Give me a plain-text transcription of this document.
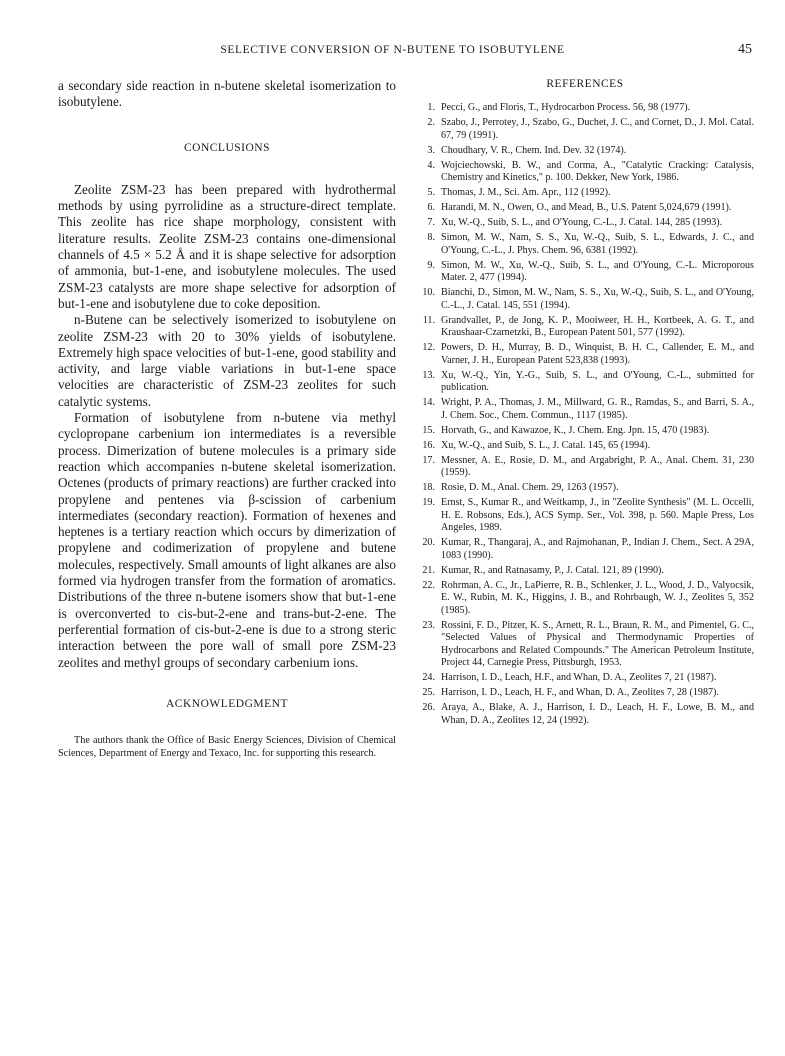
SELECTIVE CONVERSION OF N-BUTENE TO ISOBUTYLENE	45

a secondary side reaction in n-butene skeletal isomerization to isobutylene.

CONCLUSIONS

Zeolite ZSM-23 has been prepared with hydrothermal methods by using pyrrolidine as a structure-direct template. This zeolite has rice shape morphology, consistent with literature results. Zeolite ZSM-23 contains one-dimensional channels of 4.5 × 5.2 Å and it is shape selective for adsorption of ammonia, but-1-ene, and isobutylene molecules. The used ZSM-23 catalysts are more shape selective for adsorption of but-1-ene and isobutylene due to coke deposition.

n-Butene can be selectively isomerized to isobutylene on zeolite ZSM-23 with 20 to 30% yields of isobutylene. Extremely high space velocities of but-1-ene, good stability and activity, and large viable variations in but-1-ene space velocities are characteristic of ZSM-23 zeolites for such catalytic systems.

Formation of isobutylene from n-butene via methyl cyclopropane carbenium ion intermediates is a reversible process. Dimerization of butene molecules is a primary side reaction which accompanies n-butene skeletal isomerization. Octenes (products of primary reactions) are further cracked into propylene and pentenes via β-scission of carbenium intermediates (secondary reaction). Formation of hexenes and heptenes is a tertiary reaction which occurs by dimerization of propylene and codimerization of propylene and butene molecules, respectively. Small amounts of light alkanes are also formed via hydrogen transfer from the formation of aromatics. Distributions of the three n-butene isomers show that but-1-ene is overconverted to cis-but-2-ene and trans-but-2-ene. The perferential formation of cis-but-2-ene is due to a strong steric interaction between the pore wall of small pore ZSM-23 zeolites and methyl groups of secondary carbenium ions.

ACKNOWLEDGMENT

The authors thank the Office of Basic Energy Sciences, Division of Chemical Sciences, Department of Energy and Texaco, Inc. for supporting this research.

REFERENCES
1. Pecci, G., and Floris, T., Hydrocarbon Process. 56, 98 (1977).
2. Szabo, J., Perrotey, J., Szabo, G., Duchet, J. C., and Cornet, D., J. Mol. Catal. 67, 79 (1991).
3. Choudhary, V. R., Chem. Ind. Dev. 32 (1974).
4. Wojciechowski, B. W., and Corma, A., "Catalytic Cracking: Catalysis, Chemistry and Kinetics," p. 100. Dekker, New York, 1986.
5. Thomas, J. M., Sci. Am. Apr., 112 (1992).
6. Harandi, M. N., Owen, O., and Mead, B., U.S. Patent 5,024,679 (1991).
7. Xu, W.-Q., Suib, S. L., and O'Young, C.-L., J. Catal. 144, 285 (1993).
8. Simon, M. W., Nam, S. S., Xu, W.-Q., Suib, S. L., Edwards, J. C., and O'Young, C.-L., J. Phys. Chem. 96, 6381 (1992).
9. Simon, M. W., Xu, W.-Q., Suib, S. L., and O'Young, C.-L. Microporous Mater. 2, 477 (1994).
10. Bianchi, D., Simon, M. W., Nam, S. S., Xu, W.-Q., Suib, S. L., and O'Young, C.-L., J. Catal. 145, 551 (1994).
11. Grandvallet, P., de Jong, K. P., Mooiweer, H. H., Kortbeek, A. G. T., and Kraushaar-Czarnetzki, B., European Patent 501, 577 (1992).
12. Powers, D. H., Murray, B. D., Winquist, B. H. C., Callender, E. M., and Varner, J. H., European Patent 523,838 (1993).
13. Xu, W.-Q., Yin, Y.-G., Suib, S. L., and O'Young, C.-L., submitted for publication.
14. Wright, P. A., Thomas, J. M., Millward, G. R., Ramdas, S., and Barri, S. A., J. Chem. Soc., Chem. Commun., 1117 (1985).
15. Horvath, G., and Kawazoe, K., J. Chem. Eng. Jpn. 15, 470 (1983).
16. Xu, W.-Q., and Suib, S. L., J. Catal. 145, 65 (1994).
17. Messner, A. E., Rosie, D. M., and Argabright, P. A., Anal. Chem. 31, 230 (1959).
18. Rosie, D. M., Anal. Chem. 29, 1263 (1957).
19. Ernst, S., Kumar R., and Weitkamp, J., in "Zeolite Synthesis" (M. L. Occelli, H. E. Robsons, Eds.), ACS Symp. Ser., Vol. 398, p. 560. Maple Press, Los Angeles, 1989.
20. Kumar, R., Thangaraj, A., and Rajmohanan, P., Indian J. Chem., Sect. A 29A, 1083 (1990).
21. Kumar, R., and Ratnasamy, P., J. Catal. 121, 89 (1990).
22. Rohrman, A. C., Jr., LaPierre, R. B., Schlenker, J. L., Wood, J. D., Valyocsik, E. W., Rubin, M. K., Higgins, J. B., and Rohrbaugh, W. J., Zeolites 5, 352 (1985).
23. Rossini, F. D., Pitzer, K. S., Arnett, R. L., Braun, R. M., and Pimentel, G. C., "Selected Values of Physical and Thermodynamic Properties of Hydrocarbons and Related Compounds." The American Petroleum Institute, Project 44, Carnegie Press, Pittsburgh, 1953.
24. Harrison, I. D., Leach, H.F., and Whan, D. A., Zeolites 7, 21 (1987).
25. Harrison, I. D., Leach, H. F., and Whan, D. A., Zeolites 7, 28 (1987).
26. Araya, A., Blake, A. J., Harrison, I. D., Leach, H. F., Lowe, B. M., and Whan, D. A., Zeolites 12, 24 (1992).
